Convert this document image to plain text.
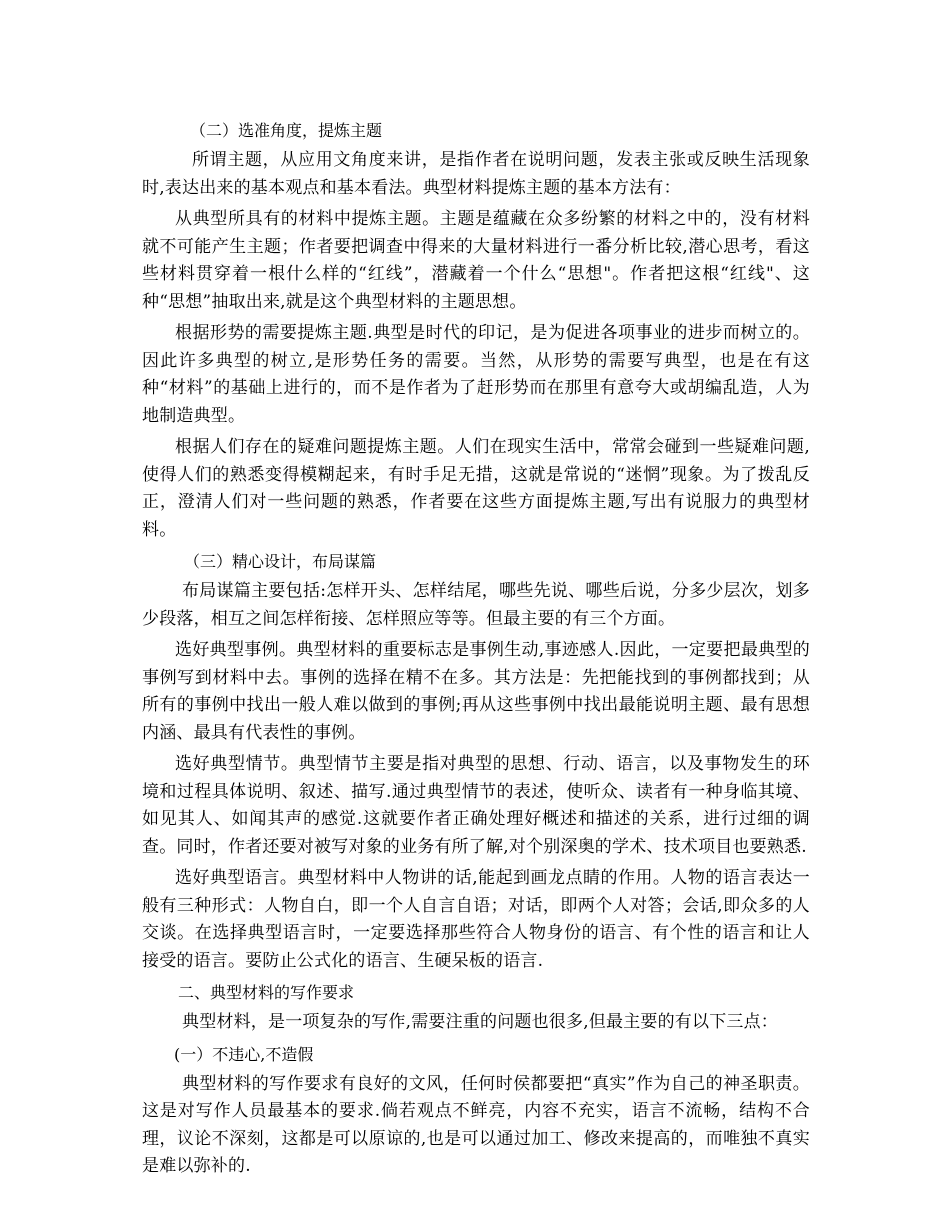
（二）选准角度，提炼主题

所谓主题，从应用文角度来讲，是指作者在说明问题，发表主张或反映生活现象时,表达出来的基本观点和基本看法。典型材料提炼主题的基本方法有：

从典型所具有的材料中提炼主题。主题是蕴藏在众多纷繁的材料之中的，没有材料就不可能产生主题；作者要把调查中得来的大量材料进行一番分析比较,潜心思考，看这些材料贯穿着一根什么样的“红线”，潜藏着一个什么“思想"。作者把这根“红线"、这种“思想”抽取出来,就是这个典型材料的主题思想。

根据形势的需要提炼主题.典型是时代的印记，是为促进各项事业的进步而树立的。因此许多典型的树立,是形势任务的需要。当然，从形势的需要写典型，也是在有这种“材料”的基础上进行的，而不是作者为了赶形势而在那里有意夸大或胡编乱造，人为地制造典型。

根据人们存在的疑难问题提炼主题。人们在现实生活中，常常会碰到一些疑难问题,使得人们的熟悉变得模糊起来，有时手足无措，这就是常说的“迷惘”现象。为了拨乱反正，澄清人们对一些问题的熟悉，作者要在这些方面提炼主题,写出有说服力的典型材料。

（三）精心设计，布局谋篇

布局谋篇主要包括:怎样开头、怎样结尾，哪些先说、哪些后说，分多少层次，划多少段落，相互之间怎样衔接、怎样照应等等。但最主要的有三个方面。

选好典型事例。典型材料的重要标志是事例生动,事迹感人.因此，一定要把最典型的事例写到材料中去。事例的选择在精不在多。其方法是：先把能找到的事例都找到；从所有的事例中找出一般人难以做到的事例;再从这些事例中找出最能说明主题、最有思想内涵、最具有代表性的事例。

选好典型情节。典型情节主要是指对典型的思想、行动、语言，以及事物发生的环境和过程具体说明、叙述、描写.通过典型情节的表述，使听众、读者有一种身临其境、如见其人、如闻其声的感觉.这就要作者正确处理好概述和描述的关系，进行过细的调查。同时，作者还要对被写对象的业务有所了解,对个别深奥的学术、技术项目也要熟悉.

选好典型语言。典型材料中人物讲的话,能起到画龙点睛的作用。人物的语言表达一般有三种形式：人物自白，即一个人自言自语；对话，即两个人对答；会话,即众多的人交谈。在选择典型语言时，一定要选择那些符合人物身份的语言、有个性的语言和让人接受的语言。要防止公式化的语言、生硬呆板的语言.

二、典型材料的写作要求

典型材料，是一项复杂的写作,需要注重的问题也很多,但最主要的有以下三点：

(一）不违心,不造假

典型材料的写作要求有良好的文风，任何时侯都要把“真实”作为自己的神圣职责。这是对写作人员最基本的要求.倘若观点不鲜亮，内容不充实，语言不流畅，结构不合理，议论不深刻，这都是可以原谅的,也是可以通过加工、修改来提高的，而唯独不真实是难以弥补的.
